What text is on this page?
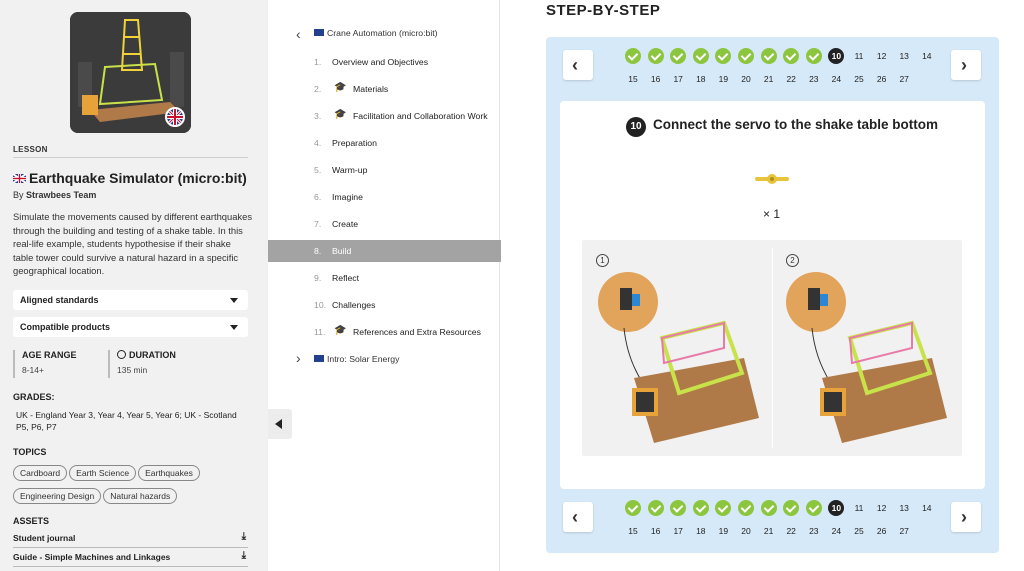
LESSON
Earthquake Simulator (micro:bit)
By Strawbees Team
Simulate the movements caused by different earthquakes through the building and testing of a shake table. In this real-life example, students hypothesise if their shake table tower could survive a natural hazard in a specific geographical location.
Aligned standards
Compatible products
AGE RANGE
8-14+
DURATION
135 min
GRADES:
UK - England Year 3, Year 4, Year 5, Year 6; UK - Scotland P5, P6, P7
TOPICS
Cardboard Earth Science Earthquakes
Engineering Design Natural hazards
ASSETS
Student journal	⤓
Guide - Simple Machines and Linkages	⤓
‹	Crane Automation (micro:bit)
1. Overview and Objectives
2. 🎓 Materials
3. 🎓 Facilitation and Collaboration Work
4. Preparation
5. Warm-up
6. Imagine
7. Create
8. Build
9. Reflect
10. Challenges
11. 🎓 References and Extra Resources
›	Intro: Solar Energy
STEP-BY-STEP
‹	›
10	11	12	13	14
15	16	17	18	19	20	21	22	23	24	25	26	27
10 Connect the servo to the shake table bottom
× 1
1	2
‹	›
10	11	12	13	14
15	16	17	18	19	20	21	22	23	24	25	26	27
